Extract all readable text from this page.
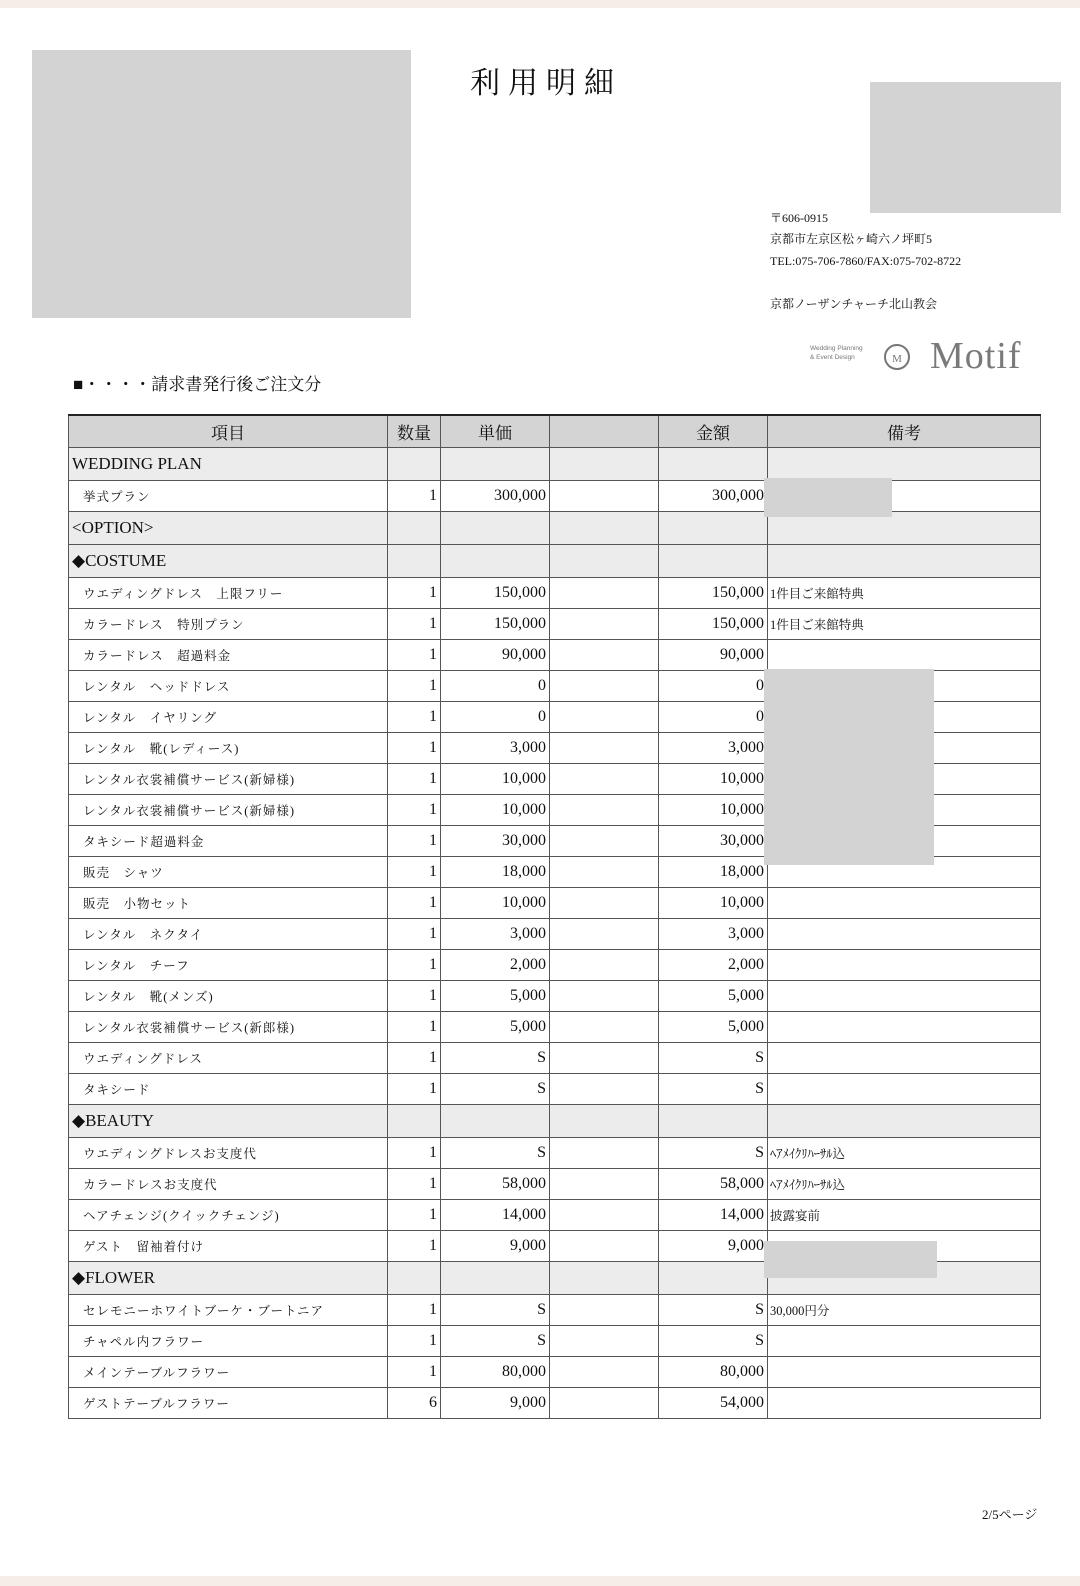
利用明細
〒606-0915
京都市左京区松ヶ崎六ノ坪町5
TEL:075-706-7860/FAX:075-702-8722
京都ノーザンチャーチ北山教会
Wedding Planning
& Event Design	M Motif
■・・・・請求書発行後ご注文分
項目	数量	単価		金額	備考
WEDDING PLAN					
挙式プラン	1	300,000		300,000	
<OPTION>					
◆COSTUME					
ウエディングドレス　上限フリー	1	150,000		150,000	1件目ご来館特典
カラードレス　特別プラン	1	150,000		150,000	1件目ご来館特典
カラードレス　超過料金	1	90,000		90,000	
レンタル　ヘッドドレス	1	0		0	
レンタル　イヤリング	1	0		0	
レンタル　靴(レディース)	1	3,000		3,000	
レンタル衣裳補償サービス(新婦様)	1	10,000		10,000	
レンタル衣裳補償サービス(新婦様)	1	10,000		10,000	
タキシード超過料金	1	30,000		30,000	
販売　シャツ	1	18,000		18,000	
販売　小物セット	1	10,000		10,000	
レンタル　ネクタイ	1	3,000		3,000	
レンタル　チーフ	1	2,000		2,000	
レンタル　靴(メンズ)	1	5,000		5,000	
レンタル衣裳補償サービス(新郎様)	1	5,000		5,000	
ウエディングドレス	1	S		S	
タキシード	1	S		S	
◆BEAUTY					
ウエディングドレスお支度代	1	S		S	ﾍｱﾒｲｸﾘﾊｰｻﾙ込
カラードレスお支度代	1	58,000		58,000	ﾍｱﾒｲｸﾘﾊｰｻﾙ込
ヘアチェンジ(クイックチェンジ)	1	14,000		14,000	披露宴前
ゲスト　留袖着付け	1	9,000		9,000	
◆FLOWER					
セレモニーホワイトブーケ・ブートニア	1	S		S	30,000円分
チャペル内フラワー	1	S		S	
メインテーブルフラワー	1	80,000		80,000	
ゲストテーブルフラワー	6	9,000		54,000	
2/5ページ
